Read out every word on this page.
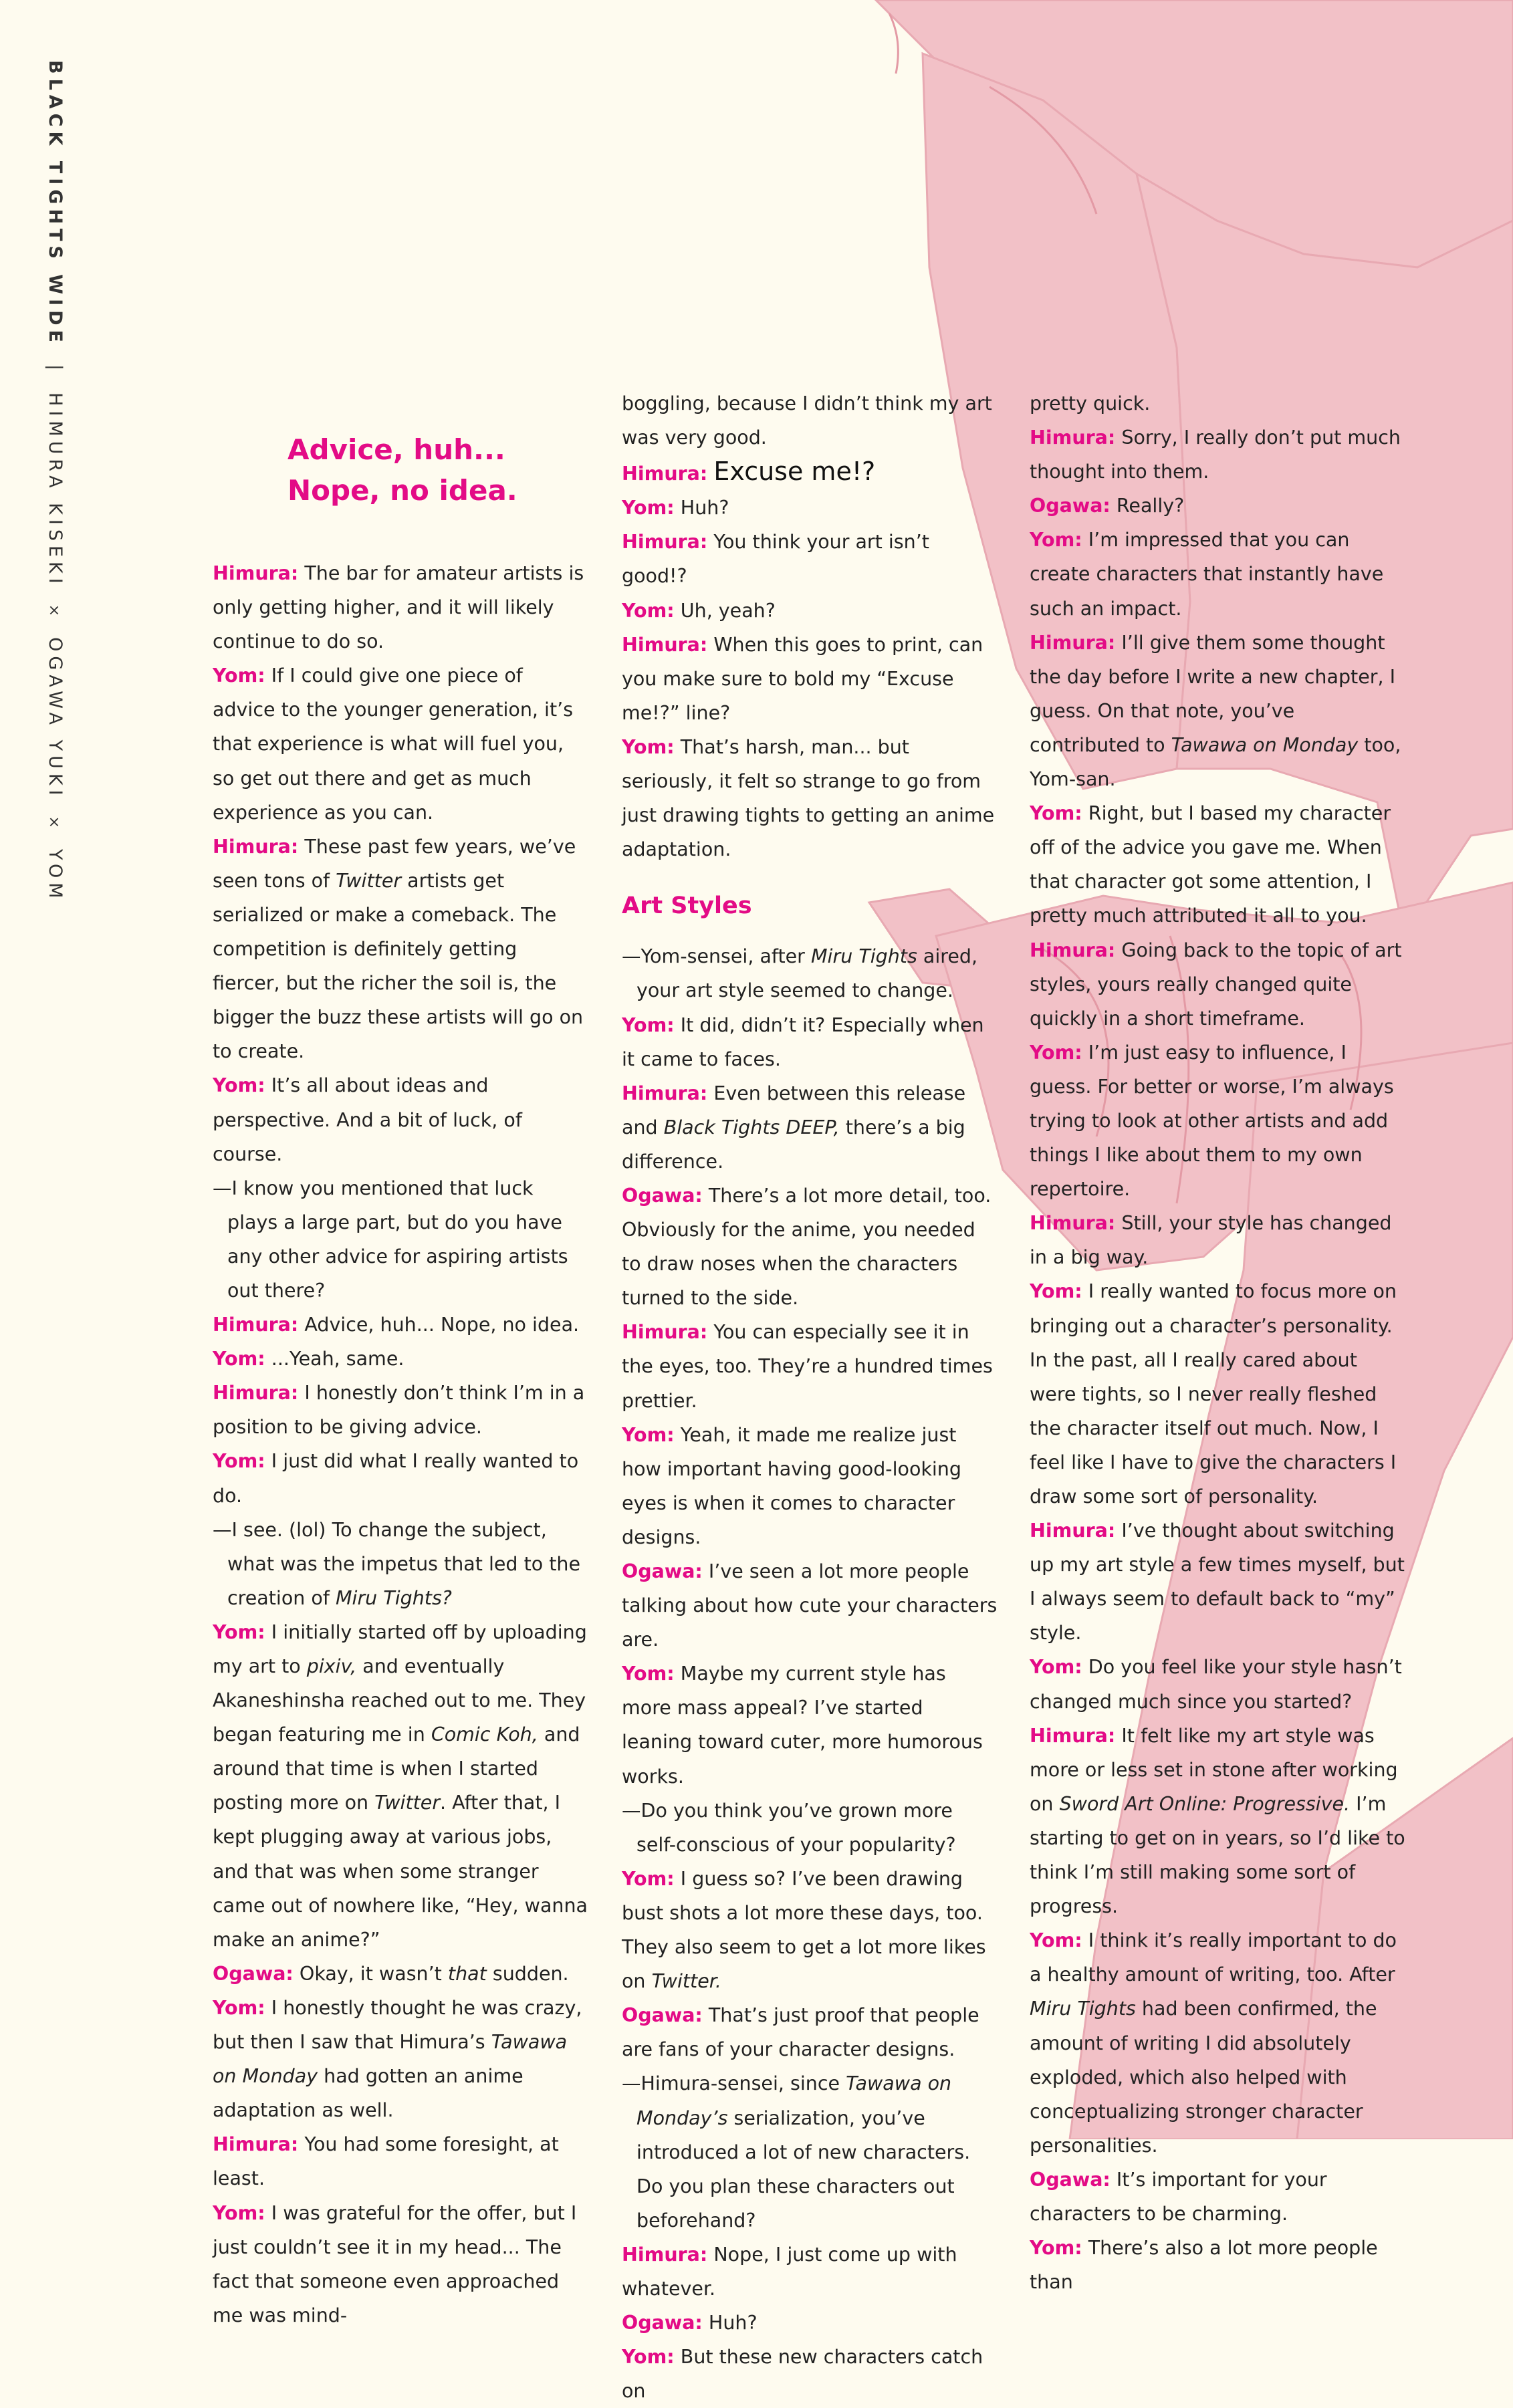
BLACK TIGHTS WIDE|HIMURA KISEKI×OGAWA YUKI×YOM
Advice, huh...
Nope, no idea.

Himura: The bar for amateur artists is only getting higher, and it will likely continue to do so.

Yom: If I could give one piece of advice to the younger generation, it’s that experience is what will fuel you, so get out there and get as much experience as you can.

Himura: These past few years, we’ve seen tons of Twitter artists get serialized or make a comeback. The competition is definitely getting fiercer, but the richer the soil is, the bigger the buzz these artists will go on to create.

Yom: It’s all about ideas and perspective. And a bit of luck, of course.

—I know you mentioned that luck plays a large part, but do you have any other advice for aspiring artists out there?

Himura: Advice, huh... Nope, no idea.

Yom: ...Yeah, same.

Himura: I honestly don’t think I’m in a position to be giving advice.

Yom: I just did what I really wanted to do.

—I see. (lol) To change the subject, what was the impetus that led to the creation of Miru Tights?

Yom: I initially started off by uploading my art to pixiv, and eventually Akaneshinsha reached out to me. They began featuring me in Comic Koh, and around that time is when I started posting more on Twitter. After that, I kept plugging away at various jobs, and that was when some stranger came out of nowhere like, “Hey, wanna make an anime?”

Ogawa: Okay, it wasn’t that sudden.

Yom: I honestly thought he was crazy, but then I saw that Himura’s Tawawa on Monday had gotten an anime adaptation as well.

Himura: You had some foresight, at least.

Yom: I was grateful for the offer, but I just couldn’t see it in my head... The fact that someone even approached me was mind-

boggling, because I didn’t think my art was very good.

Himura: Excuse me!?

Yom: Huh?

Himura: You think your art isn’t good!?

Yom: Uh, yeah?

Himura: When this goes to print, can you make sure to bold my “Excuse me!?” line?

Yom: That’s harsh, man... but seriously, it felt so strange to go from just drawing tights to getting an anime adaptation.

Art Styles

—Yom-sensei, after Miru Tights aired, your art style seemed to change.

Yom: It did, didn’t it? Especially when it came to faces.

Himura: Even between this release and Black Tights DEEP, there’s a big difference.

Ogawa: There’s a lot more detail, too. Obviously for the anime, you needed to draw noses when the characters turned to the side.

Himura: You can especially see it in the eyes, too. They’re a hundred times prettier.

Yom: Yeah, it made me realize just how important having good-looking eyes is when it comes to character designs.

Ogawa: I’ve seen a lot more people talking about how cute your characters are.

Yom: Maybe my current style has more mass appeal? I’ve started leaning toward cuter, more humorous works.

—Do you think you’ve grown more self-conscious of your popularity?

Yom: I guess so? I’ve been drawing bust shots a lot more these days, too. They also seem to get a lot more likes on Twitter.

Ogawa: That’s just proof that people are fans of your character designs.

—Himura-sensei, since Tawawa on Monday’s serialization, you’ve introduced a lot of new characters. Do you plan these characters out beforehand?

Himura: Nope, I just come up with whatever.

Ogawa: Huh?

Yom: But these new characters catch on

pretty quick.

Himura: Sorry, I really don’t put much thought into them.

Ogawa: Really?

Yom: I’m impressed that you can create characters that instantly have such an impact.

Himura: I’ll give them some thought the day before I write a new chapter, I guess. On that note, you’ve contributed to Tawawa on Monday too, Yom-san.

Yom: Right, but I based my character off of the advice you gave me. When that character got some attention, I pretty much attributed it all to you.

Himura: Going back to the topic of art styles, yours really changed quite quickly in a short timeframe.

Yom: I’m just easy to influence, I guess. For better or worse, I’m always trying to look at other artists and add things I like about them to my own repertoire.

Himura: Still, your style has changed in a big way.

Yom: I really wanted to focus more on bringing out a character’s personality. In the past, all I really cared about were tights, so I never really fleshed the character itself out much. Now, I feel like I have to give the characters I draw some sort of personality.

Himura: I’ve thought about switching up my art style a few times myself, but I always seem to default back to “my” style.

Yom: Do you feel like your style hasn’t changed much since you started?

Himura: It felt like my art style was more or less set in stone after working on Sword Art Online: Progressive. I’m starting to get on in years, so I’d like to think I’m still making some sort of progress.

Yom: I think it’s really important to do a healthy amount of writing, too. After Miru Tights had been confirmed, the amount of writing I did absolutely exploded, which also helped with conceptualizing stronger character personalities.

Ogawa: It’s important for your characters to be charming.

Yom: There’s also a lot more people than
